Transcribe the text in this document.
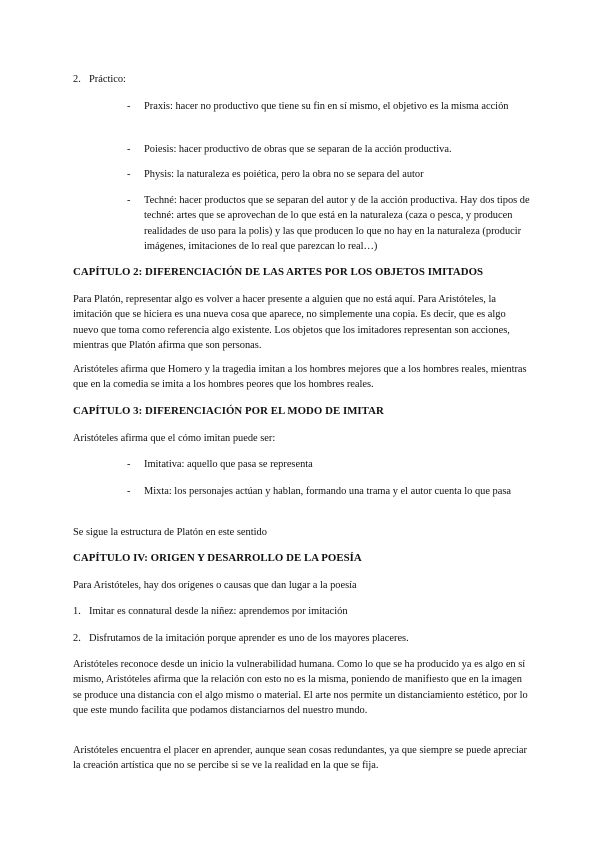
2. Práctico:
- Praxis: hacer no productivo que tiene su fin en sí mismo, el objetivo es la misma acción
- Poiesis: hacer productivo de obras que se separan de la acción productiva.
- Physis: la naturaleza es poiética, pero la obra no se separa del autor
- Techné: hacer productos que se separan del autor y de la acción productiva. Hay dos tipos de techné: artes que se aprovechan de lo que está en la naturaleza (caza o pesca, y producen realidades de uso para la polis) y las que producen lo que no hay en la naturaleza (producir imágenes, imitaciones de lo real que parezcan lo real…)

CAPÍTULO 2: DIFERENCIACIÓN DE LAS ARTES POR LOS OBJETOS IMITADOS

Para Platón, representar algo es volver a hacer presente a alguien que no está aquí. Para Aristóteles, la imitación que se hiciera es una nueva cosa que aparece, no simplemente una copia. Es decir, que es algo nuevo que toma como referencia algo existente. Los objetos que los imitadores representan son acciones, mientras que Platón afirma que son personas.

Aristóteles afirma que Homero y la tragedia imitan a los hombres mejores que a los hombres reales, mientras que en la comedia se imita a los hombres peores que los hombres reales.

CAPÍTULO 3: DIFERENCIACIÓN POR EL MODO DE IMITAR

Aristóteles afirma que el cómo imitan puede ser:

- Imitativa: aquello que pasa se representa
- Mixta: los personajes actúan y hablan, formando una trama y el autor cuenta lo que pasa

Se sigue la estructura de Platón en este sentido

CAPÍTULO IV: ORIGEN Y DESARROLLO DE LA POESÍA

Para Aristóteles, hay dos orígenes o causas que dan lugar a la poesía

1. Imitar es connatural desde la niñez: aprendemos por imitación
2. Disfrutamos de la imitación porque aprender es uno de los mayores placeres.

Aristóteles reconoce desde un inicio la vulnerabilidad humana. Como lo que se ha producido ya es algo en sí mismo, Aristóteles afirma que la relación con esto no es la misma, poniendo de manifiesto que en la imagen se produce una distancia con el algo mismo o material. El arte nos permite un distanciamiento estético, por lo que este mundo facilita que podamos distanciarnos del nuestro mundo.

Aristóteles encuentra el placer en aprender, aunque sean cosas redundantes, ya que siempre se puede apreciar la creación artística que no se percibe si se ve la realidad en la que se fija.
